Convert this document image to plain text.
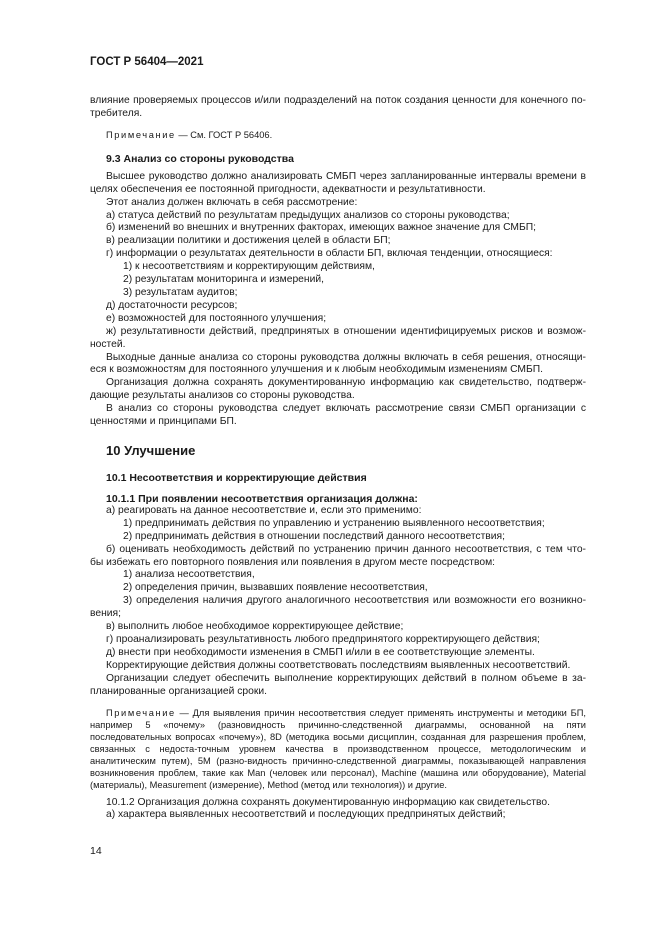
ГОСТ Р 56404—2021

влияние проверяемых процессов и/или подразделений на поток создания ценности для конечного по-

требителя.

Примечание — См. ГОСТ Р 56406.

9.3 Анализ со стороны руководства

Высшее руководство должно анализировать СМБП через запланированные интервалы времени в целях обеспечения ее постоянной пригодности, адекватности и результативности.

Этот анализ должен включать в себя рассмотрение:

а) статуса действий по результатам предыдущих анализов со стороны руководства;

б) изменений во внешних и внутренних факторах, имеющих важное значение для СМБП;

в) реализации политики и достижения целей в области БП;

г) информации о результатах деятельности в области БП, включая тенденции, относящиеся:

1) к несоответствиям и корректирующим действиям,

2) результатам мониторинга и измерений,

3) результатам аудитов;

д) достаточности ресурсов;

е) возможностей для постоянного улучшения;

ж) результативности действий, предпринятых в отношении идентифицируемых рисков и возмож-ностей.

Выходные данные анализа со стороны руководства должны включать в себя решения, относящи-еся к возможностям для постоянного улучшения и к любым необходимым изменениям СМБП.

Организация должна сохранять документированную информацию как свидетельство, подтверж-дающие результаты анализов со стороны руководства.

В анализ со стороны руководства следует включать рассмотрение связи СМБП организации с ценностями и принципами БП.

10 Улучшение
10.1 Несоответствия и корректирующие действия
10.1.1 При появлении несоответствия организация должна:

а) реагировать на данное несоответствие и, если это применимо:

1) предпринимать действия по управлению и устранению выявленного несоответствия;

2) предпринимать действия в отношении последствий данного несоответствия;

б) оценивать необходимость действий по устранению причин данного несоответствия, с тем что-бы избежать его повторного появления или появления в другом месте посредством:

1) анализа несоответствия,

2) определения причин, вызвавших появление несоответствия,

3) определения наличия другого аналогичного несоответствия или возможности его возникно-вения;

в) выполнить любое необходимое корректирующее действие;

г) проанализировать результативность любого предпринятого корректирующего действия;

д) внести при необходимости изменения в СМБП и/или в ее соответствующие элементы.

Корректирующие действия должны соответствовать последствиям выявленных несоответствий.

Организации следует обеспечить выполнение корректирующих действий в полном объеме в за-планированные организацией сроки.

Примечание — Для выявления причин несоответствия следует применять инструменты и методики БП, например 5 «почему» (разновидность причинно-следственной диаграммы, основанной на пяти последовательных вопросах «почему»), 8D (методика восьми дисциплин, созданная для разрешения проблем, связанных с недоста-точным уровнем качества в производственном процессе, методологическим и аналитическим путем), 5M (разно-видность причинно-следственной диаграммы, показывающей направления возникновения проблем, такие как Man (человек или персонал), Machine (машина или оборудование), Material (материалы), Measurement (измерение), Method (метод или технология)) и другие.

10.1.2 Организация должна сохранять документированную информацию как свидетельство.

а) характера выявленных несоответствий и последующих предпринятых действий;

14
